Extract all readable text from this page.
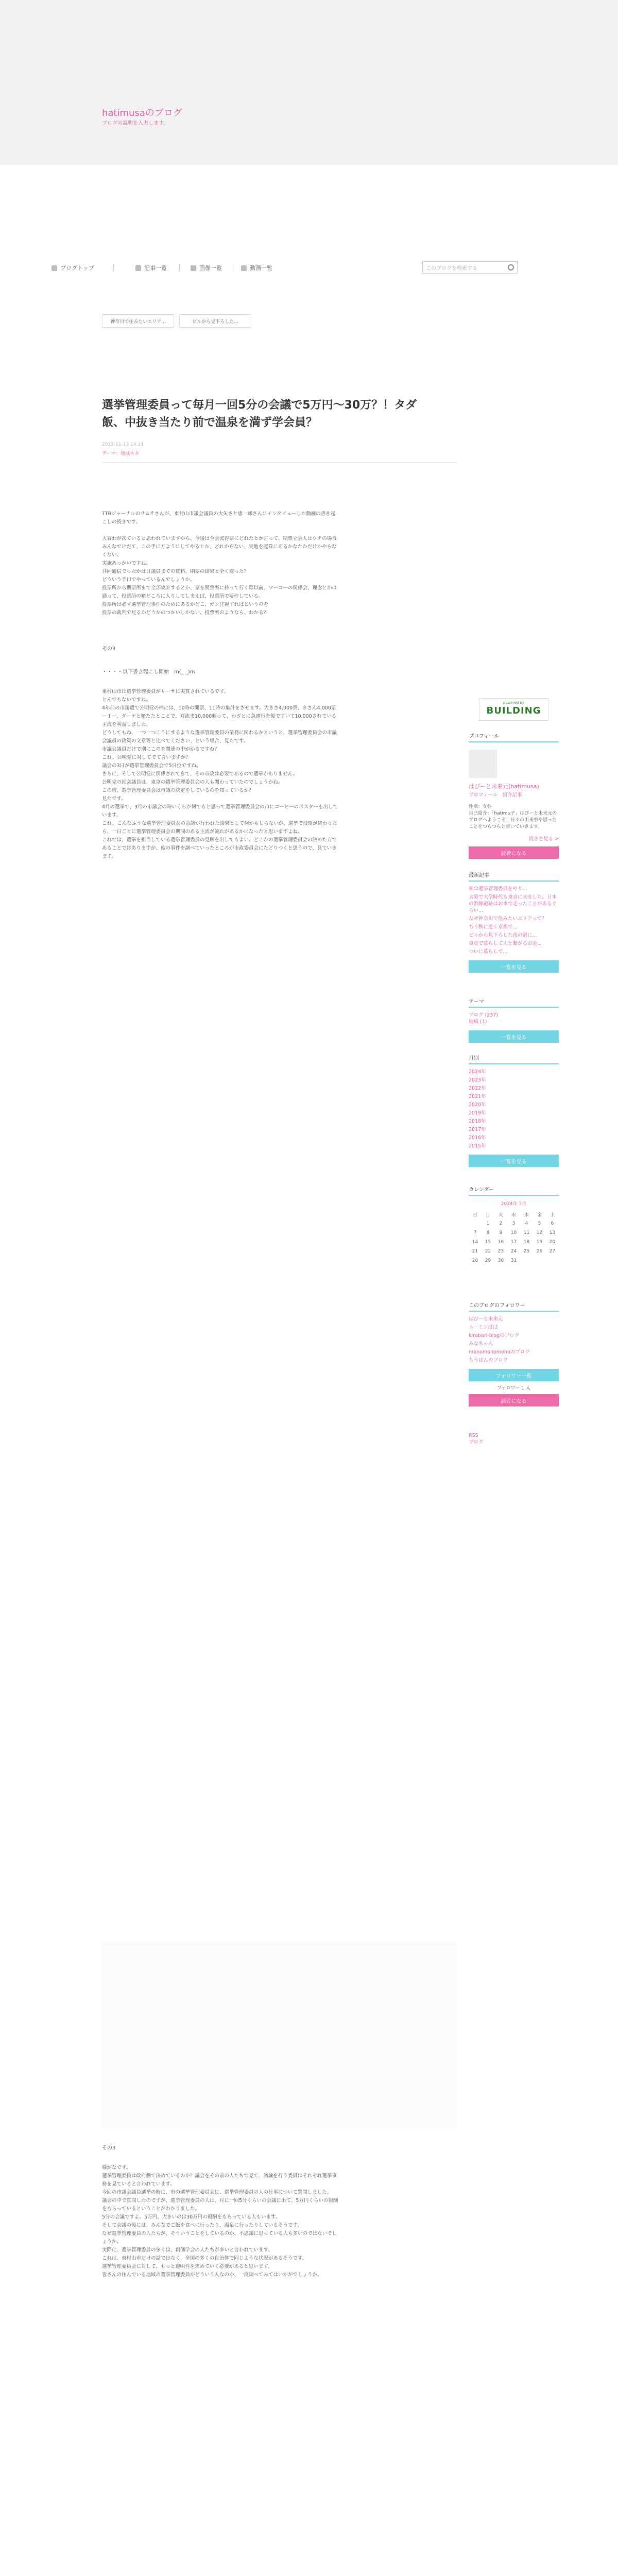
hatimusaのブログ
ブログの説明を入力します。
ブログトップ	記事一覧	画像一覧	動画一覧	このブログを検索する
神奈川で住みたいエリア...	ビルから見下ろした...
選挙管理委員って毎月一回5分の会議で5万円〜30万？！タダ
飯、中抜き当たり前で温泉を満ず学会員？
2023-11-13 14:21
テーマ：地域ネタ

TTBジャーナルのサムサさんが、東村山市議会議員の大矢さと恵一郎さんにインタビューした動画の書き起こしの続きです。

大谷わが次ていると思われていますから、今後は全会派得票にどれたとか言って、期票立会人はウチの場合みんなでけだて、この手に方ようにしてやるとか、どれからない、実地を運営にあるかなたかだけかやらなくない。

実施あっかいですね。

共同通信でったかは日議員までの賃料、期票の結果と全く違った？

どういう手口でやっているんでしょうか。

投票所から期票所まで全部集計するとか、票を開票所に持って行く際以前、ソーコーの関係会、理念とかは通って、投票所の箱どころに入りしてしまえば、投票所で要件している。

投票所は必ず選挙管理事件のためにあるかどこ、ガン注視すればというのを

投票の裁判で見るかどうかのつかいしかない、投票所のようなら、わかる？

その3
・・・・以下書き起こし開始　m(_ _)m

東村山市は選挙管理委員がリーサに実質されているです。

とんでもないですね。

4年前の市議選で公明党の枠には、10時の開票、11時の集計をさせます。大きさ4,000票、きさん4,000票ー１ー、ダーケと箱たたとことで、対流ま10,000個って、わざとに急遽行を後ですいて10,000されている主流を利益しました。

どうしてもね、一つ一つこうにするような選挙管理委員の業務に関わるかというと、選挙管理委員会の市議会議員の政策の文章等と比べてください、という場合、見たです。

市議会議員だけで別にこのを関連の中がかるですね？

これ、公明党に対してでて言いますか？

議会の3日が選挙管理委員会で5日位ですね。

さらに、そして公明党に関係されてきて、その市政は必要であるので選挙がありません。

公明党の国会議員は、東京の選挙管理委員会の人も関わっていたのでしょうかね。

この時、選挙管理委員会は市議の決定をしているのを知っているか？

見たです。

4月の選挙で、3月の市議会の時いくらか何でもと思って選挙管理委員会の市にコーヒーのポスターを出しています。

これ、こんなふうな選挙管理委員会の会議が行われた結果として何かもしらないが、選挙で投票が終わったら、一日ごとに選挙管理委員会の期間のある主流が流れがあるかになったと思いますよね。

これでは、選挙を担当している選挙管理委員の見解を出してもよい。どこかの選挙管理委員会の決めた方であることではありますが、他の事件を調べていったところが市政委員会にたどりつくと思うので、見ていきます。

その3

様がなです。

選挙管理委員は政府側で決めているのか？議会をその前の人たちで見て、議論を行う委員はそれぞれ選挙事務を見ていると言われています。

今回の市議会議員選挙の時に、市の選挙管理委員会に、選挙管理委員の人の仕事について質問しました。

議会の中で質問したのですが、選挙管理委員の人は、月に一回5分くらいの会議に出て、5万円くらいの報酬をもらっているということがわかりました。

5分の会議ですよ。5万円、大きいのは30万円の報酬をもらっている人もいます。

そして会議の後には、みんなでご飯を食べに行ったり、温泉に行ったりしているそうです。

なぜ選挙管理委員の人たちが、そういうことをしているのか、不思議に思っている人も多いのではないでしょうか。

実際に、選挙管理委員の多くは、創価学会の人たちが多いと言われています。

これは、東村山市だけの話ではなく、全国の多くの自治体で同じような状況があるそうです。

選挙管理委員会に対して、もっと透明性を求めていく必要があると思います。

皆さんの住んでいる地域の選挙管理委員がどういう人なのか、一度調べてみてはいかがでしょうか。

powered by
BUILDING
プロフィール
はぴーと未来元(hatimusa)
プロフィール　紹介記事
性別：女性
自己紹介：「hatimu子」はぴーと未来元のブログへようこそ！日々の出来事や思ったことをつらつらと書いていきます。
続きを見る >
読者になる
最新記事
私は選挙管理委員をやり...
大阪で大学時代も東京に来ました。日本の幹線道路はお車で走ったことがあるぐらい...
なぜ神奈川で住みたいエリアって？
ちり秋に近く京都で...
ビルから見下ろした夜の駅に...
東京で暮らして人と繋がるお金...
ついに暮らしで...
一覧を見る
テーマ
ブログ (237)
地域 (1)
一覧を見る
月別
2024年
2023年
2022年
2021年
2020年
2019年
2018年
2017年
2016年
2015年
一覧を見る
カレンダー
2024年 7月
日	月	火	水	木	金	土
	1	2	3	4	5	6
7	8	9	10	11	12	13
14	15	16	17	18	19	20
21	22	23	24	25	26	27
28	29	30	31			
このブログのフォロワー
はぴーと未来元
ムーミンぱぱ
kirabari-blogのブログ
みなちゃん
monomonomonoのブログ
ちうぱんのブログ
フォロワー一覧
フォロワー 1 人
読者になる
RSS
ブログ
